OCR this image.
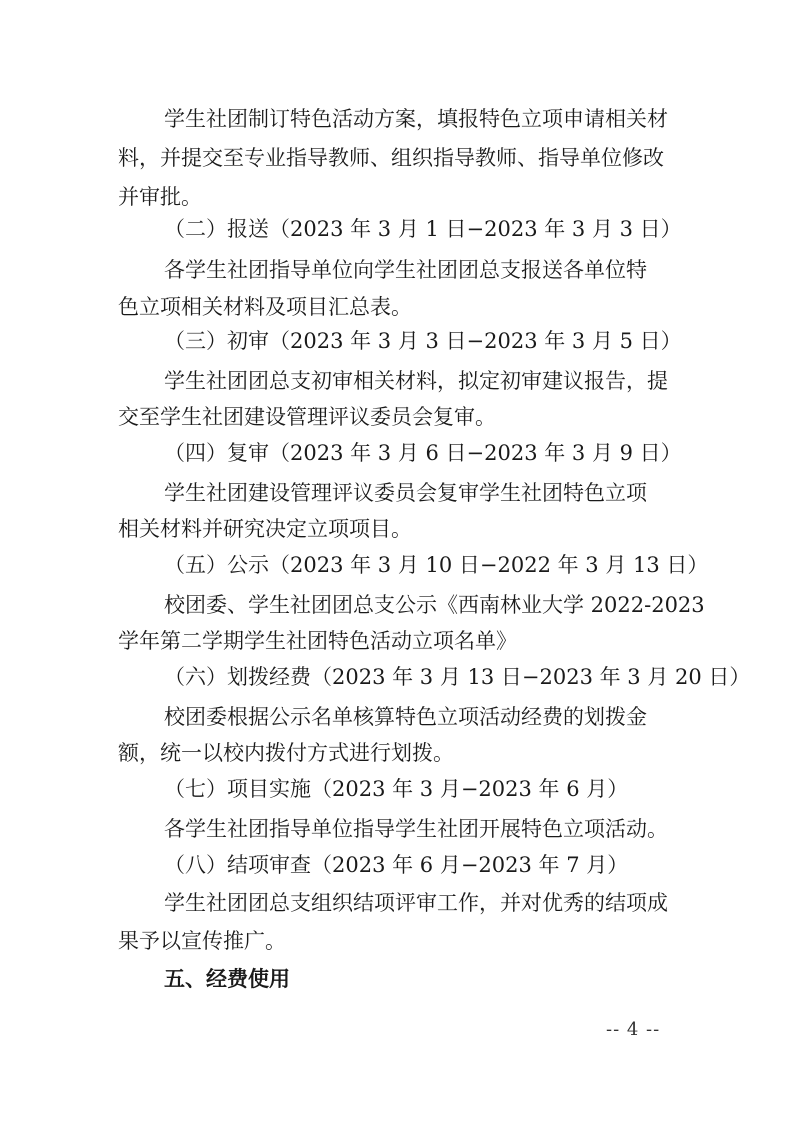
学生社团制订特色活动方案，填报特色立项申请相关材
料，并提交至专业指导教师、组织指导教师、指导单位修改
并审批。
（二）报送（2023 年 3 月 1 日−2023 年 3 月 3 日）
各学生社团指导单位向学生社团团总支报送各单位特
色立项相关材料及项目汇总表。
（三）初审（2023 年 3 月 3 日−2023 年 3 月 5 日）
学生社团团总支初审相关材料，拟定初审建议报告，提
交至学生社团建设管理评议委员会复审。
（四）复审（2023 年 3 月 6 日−2023 年 3 月 9 日）
学生社团建设管理评议委员会复审学生社团特色立项
相关材料并研究决定立项项目。
（五）公示（2023 年 3 月 10 日−2022 年 3 月 13 日）
校团委、学生社团团总支公示《西南林业大学 2022-2023
学年第二学期学生社团特色活动立项名单》
（六）划拨经费（2023 年 3 月 13 日−2023 年 3 月 20 日）
校团委根据公示名单核算特色立项活动经费的划拨金
额，统一以校内拨付方式进行划拨。
（七）项目实施（2023 年 3 月−2023 年 6 月）
各学生社团指导单位指导学生社团开展特色立项活动。
（八）结项审查（2023 年 6 月−2023 年 7 月）
学生社团团总支组织结项评审工作，并对优秀的结项成
果予以宣传推广。
五、经费使用
-- 4 --
